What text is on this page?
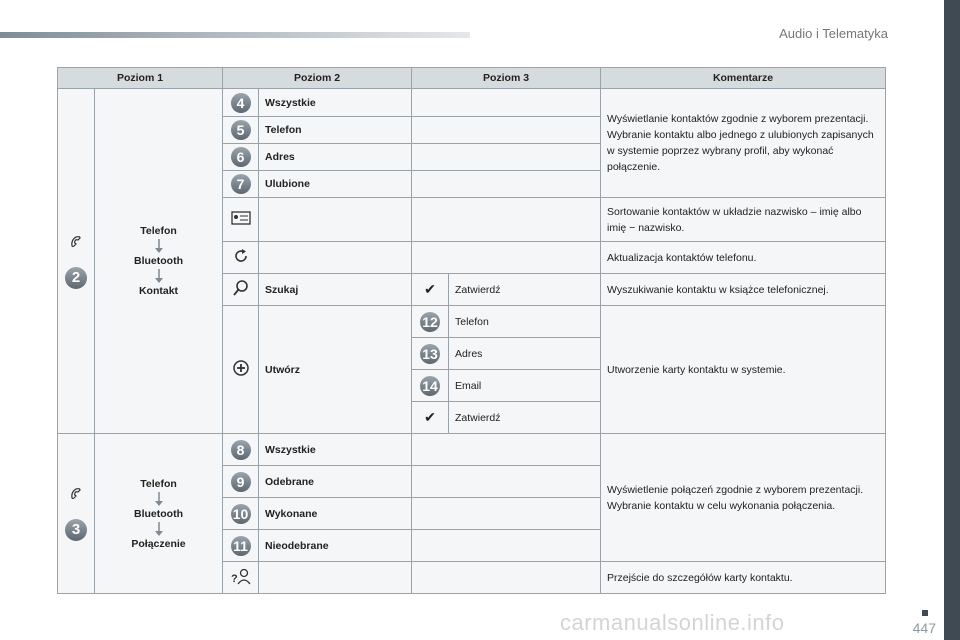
Audio i Telematyka
447
carmanualsonline.info
Poziom 1		Poziom 2		Poziom 3		Komentarze

2	Telefon
Bluetooth
Kontakt	4	Wszystkie			Wyświetlanie kontaktów zgodnie z wyborem prezentacji.
Wybranie kontaktu albo jednego z ulubionych zapisanych w systemie poprzez wybrany profil, aby wykonać połączenie.
		5	Telefon			
		6	Adres			
		7	Ulubione			
			Sortowanie kontaktów w układzie nazwisko – imię albo imię − nazwisko.
			Aktualizacja kontaktów telefonu.
	Szukaj	✔	Zatwierdź	Wyszukiwanie kontaktu w książce telefonicznej.
	Utwórz	12	Telefon	Utworzenie karty kontaktu w systemie.
				13	Adres	
				14	Email	
				✔	Zatwierdź	

3	Telefon
Bluetooth
Połączenie	8	Wszystkie			Wyświetlenie połączeń zgodnie z wyborem prezentacji.
Wybranie kontaktu w celu wykonania połączenia.
		9	Odebrane			
		10	Wykonane			
		11	Nieodebrane			

?				Przejście do szczegółów karty kontaktu.
